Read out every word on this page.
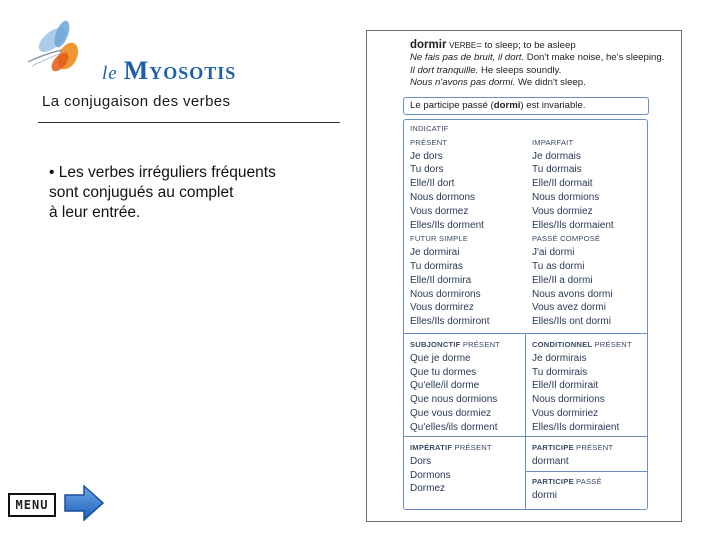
le Myosotis
La conjugaison des verbes

• Les verbes irréguliers fréquents

sont conjugués au complet

à leur entrée.

MENU
dormir VERBE= to sleep; to be asleep
Ne fais pas de bruit, il dort. Don't make noise, he's sleeping.
Il dort tranquille. He sleeps soundly.
Nous n'avons pas dormi. We didn't sleep.
Le participe passé (dormi) est invariable.
INDICATIF
PRÉSENT
Je dors
Tu dors
Elle/Il dort
Nous dormons
Vous dormez
Elles/Ils dorment
FUTUR SIMPLE
Je dormirai
Tu dormiras
Elle/Il dormira
Nous dormirons
Vous dormirez
Elles/Ils dormiront

IMPARFAIT
Je dormais
Tu dormais
Elle/Il dormait
Nous dormions
Vous dormiez
Elles/Ils dormaient
PASSÉ COMPOSÉ
J'ai dormi
Tu as dormi
Elle/Il a dormi
Nous avons dormi
Vous avez dormi
Elles/Ils ont dormi
SUBJONCTIF PRÉSENT
Que je dorme
Que tu dormes
Qu'elle/il dorme
Que nous dormions
Que vous dormiez
Qu'elles/ils dorment
CONDITIONNEL PRÉSENT
Je dormirais
Tu dormirais
Elle/Il dormirait
Nous dormirions
Vous dormiriez
Elles/Ils dormiraient
IMPÉRATIF PRÉSENT
Dors
Dormons
Dormez
PARTICIPE PRÉSENT
dormant
PARTICIPE PASSÉ
dormi
